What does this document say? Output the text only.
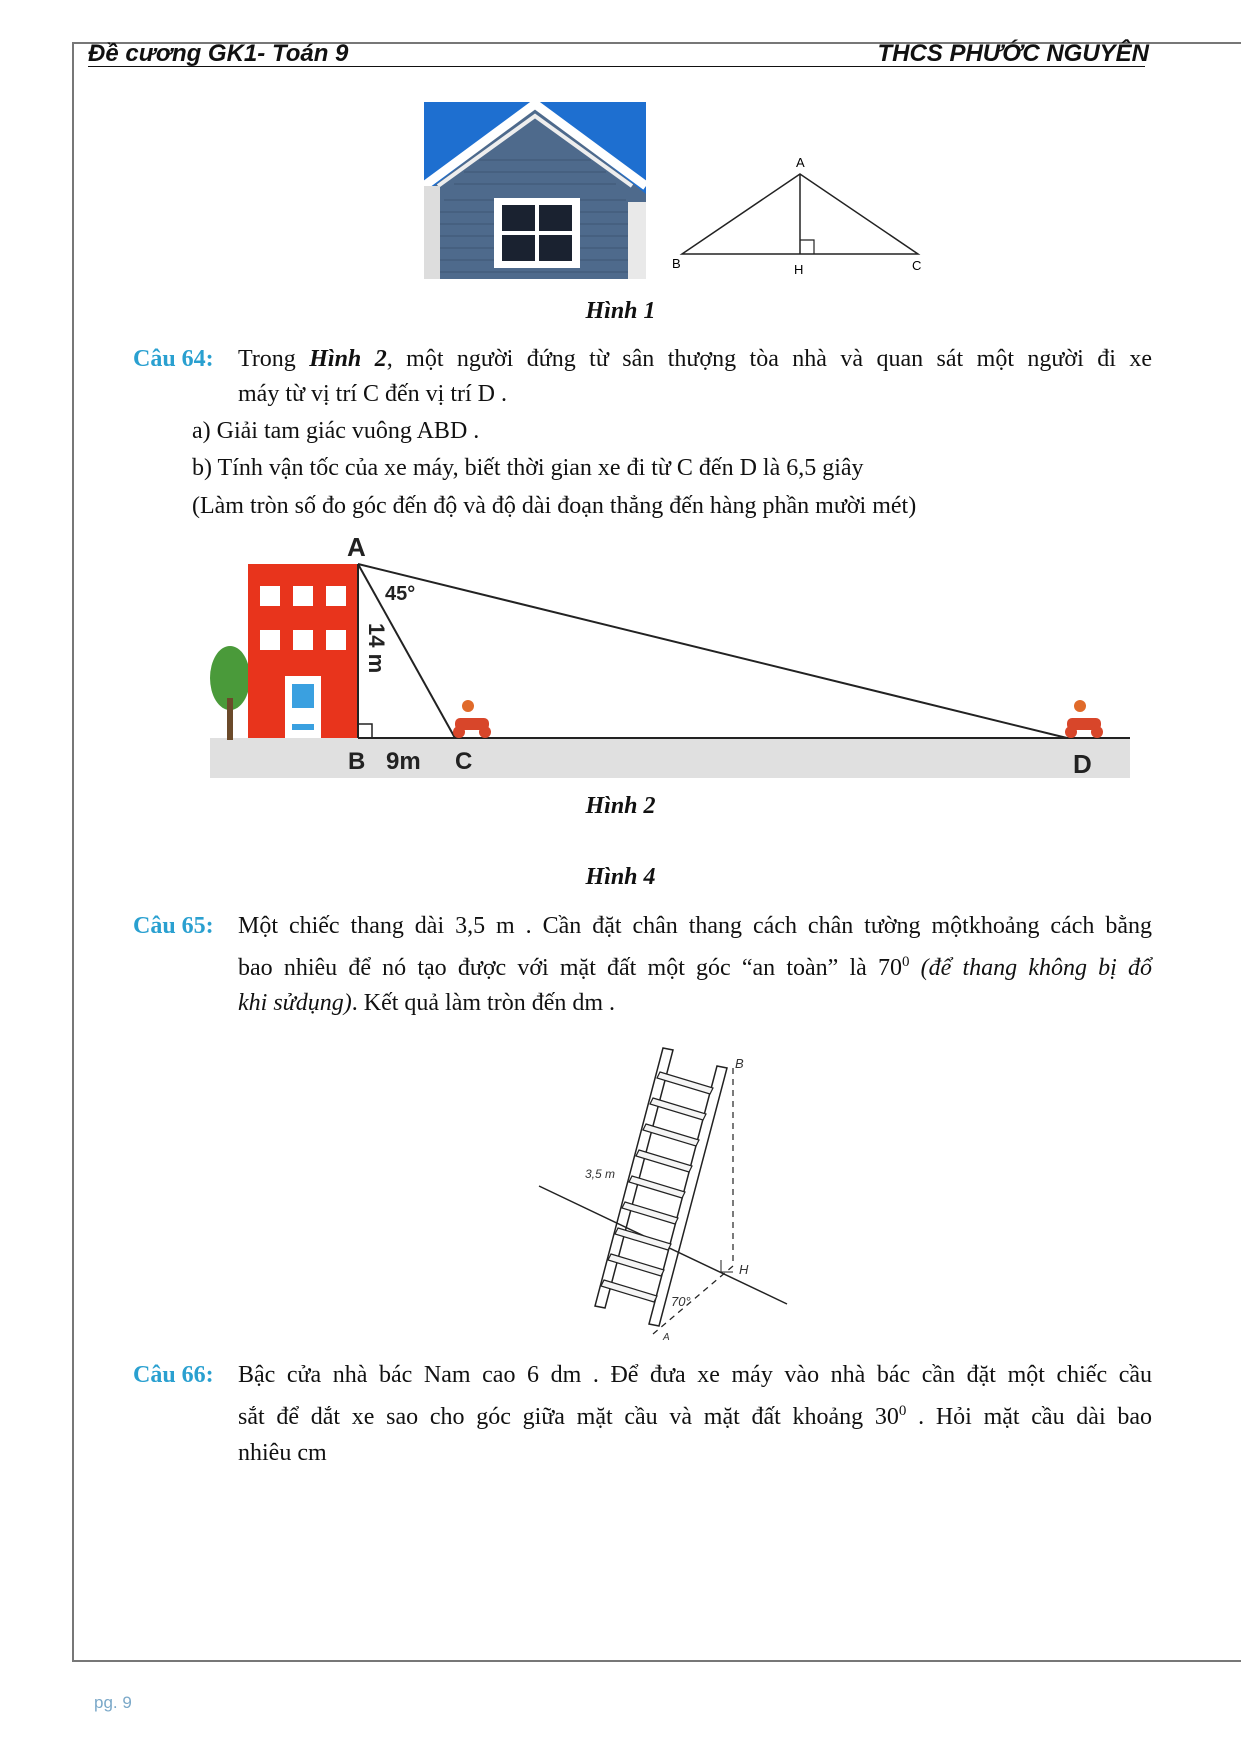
Đề cương GK1- Toán 9	THCS PHƯỚC NGUYÊN
A
B	H	C
Hình 1
Câu 64: Trong Hình 2, một người đứng từ sân thượng tòa nhà và quan sát một người đi xe
máy từ vị trí C đến vị trí D .
a) Giải tam giác vuông ABD .
b) Tính vận tốc của xe máy, biết thời gian xe đi từ C đến D là 6,5 giây
(Làm tròn số đo góc đến độ và độ dài đoạn thẳng đến hàng phần mười mét)
A
45°
14 m
B 9m C	D
Hình 2
Hình 4
Câu 65: Một chiếc thang dài 3,5 m . Cần đặt chân thang cách chân tường mộtkhoảng cách bằng
bao nhiêu để nó tạo được với mặt đất một góc “an toàn” là $70^0$ (để thang không bị đổ
khi sửdụng). Kết quả làm tròn đến dm .
3,5 m
B
H
70°
A
Câu 66: Bậc cửa nhà bác Nam cao 6 dm . Để đưa xe máy vào nhà bác cần đặt một chiếc cầu
sắt để dắt xe sao cho góc giữa mặt cầu và mặt đất khoảng $30^0$ . Hỏi mặt cầu dài bao
nhiêu cm
pg. 9
